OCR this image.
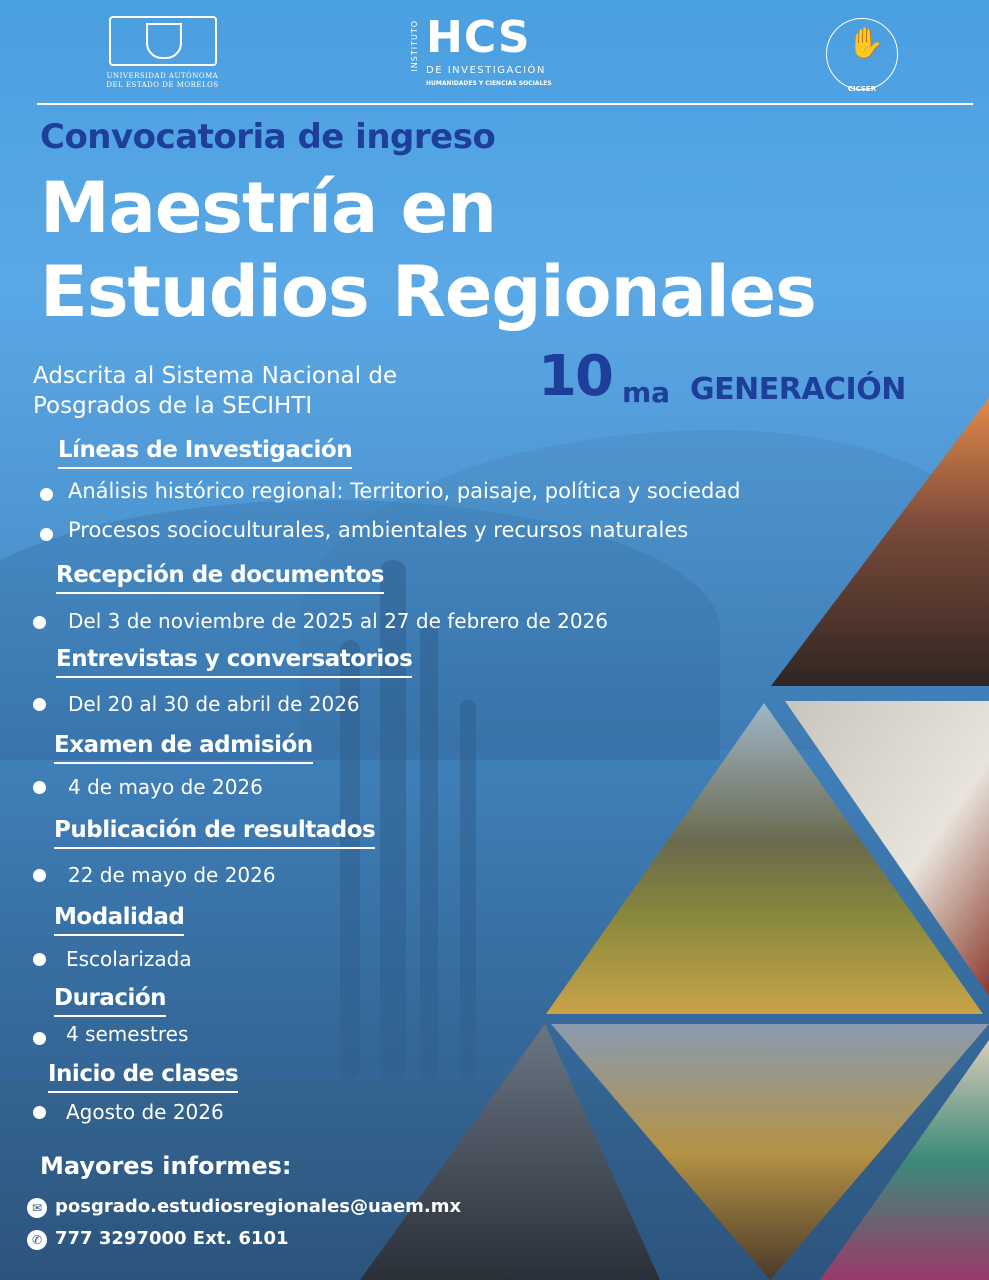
UNIVERSIDAD AUTÓNOMA DEL ESTADO DE MORELOS
INSTITUTO HCS
DE INVESTIGACIÓN
HUMANIDADES Y CIENCIAS SOCIALES
✋
CICSER
Convocatoria de ingreso
Maestría en
Estudios Regionales
Adscrita al Sistema Nacional de
Posgrados de la SECIHTI	10 ma GENERACIÓN
Líneas de Investigación
Análisis histórico regional: Territorio, paisaje, política y sociedad
Procesos socioculturales, ambientales y recursos naturales
Recepción de documentos
Del 3 de noviembre de 2025 al 27 de febrero de 2026
Entrevistas y conversatorios
Del 20 al 30 de abril de 2026
Examen de admisión
4 de mayo de 2026
Publicación de resultados
22 de mayo de 2026
Modalidad
Escolarizada
Duración
4 semestres
Inicio de clases
Agosto de 2026
Mayores informes:
✉ posgrado.estudiosregionales@uaem.mx
✆ 777 3297000 Ext. 6101
